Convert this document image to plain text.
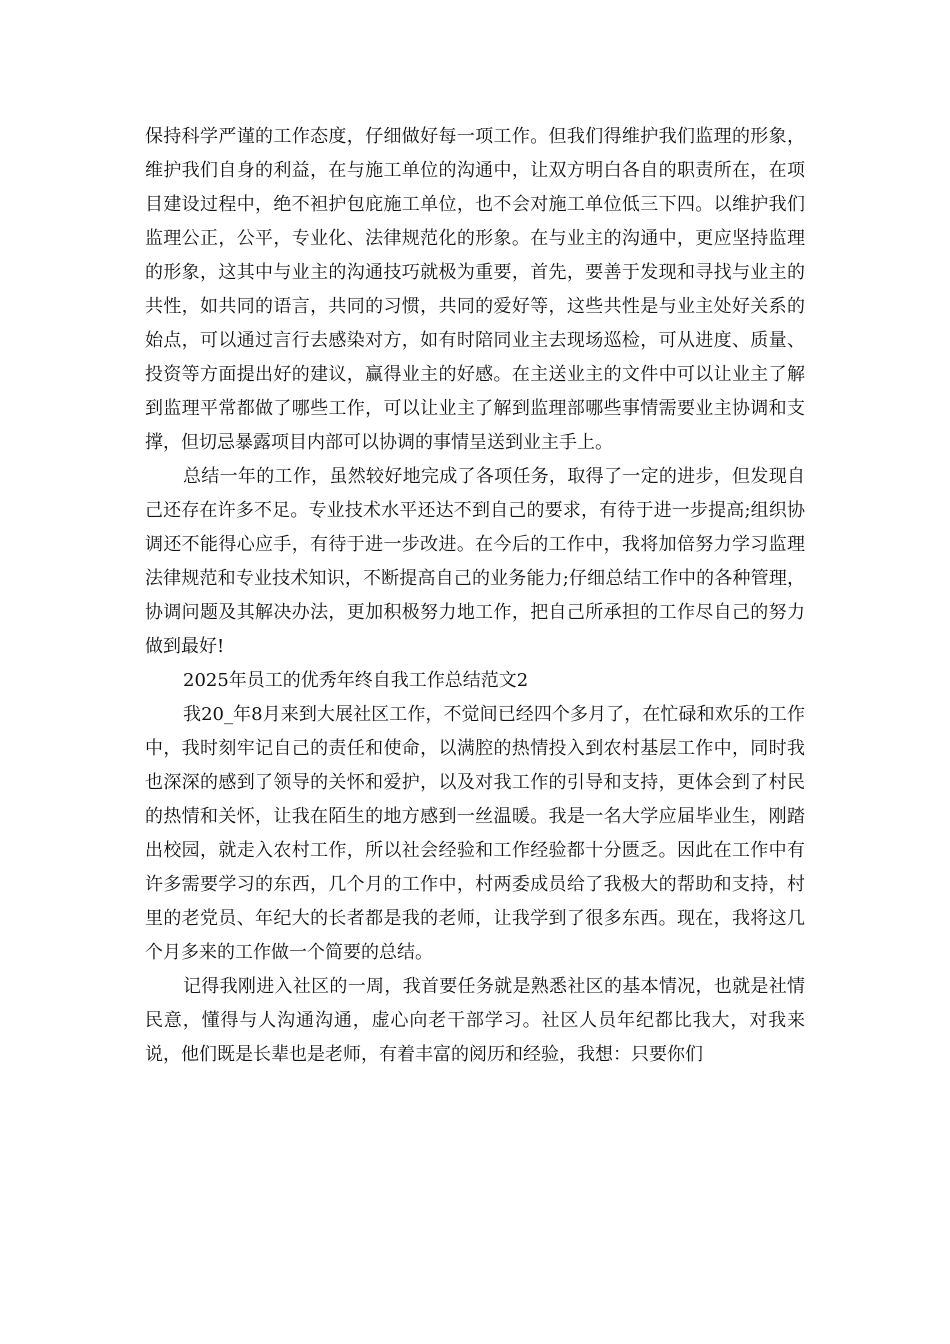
保持科学严谨的工作态度，仔细做好每一项工作。但我们得维护我们监理的形象，维护我们自身的利益，在与施工单位的沟通中，让双方明白各自的职责所在，在项目建设过程中，绝不袒护包庇施工单位，也不会对施工单位低三下四。以维护我们监理公正，公平，专业化、法律规范化的形象。在与业主的沟通中，更应坚持监理的形象，这其中与业主的沟通技巧就极为重要，首先，要善于发现和寻找与业主的共性，如共同的语言，共同的习惯，共同的爱好等，这些共性是与业主处好关系的始点，可以通过言行去感染对方，如有时陪同业主去现场巡检，可从进度、质量、投资等方面提出好的建议，赢得业主的好感。在主送业主的文件中可以让业主了解到监理平常都做了哪些工作，可以让业主了解到监理部哪些事情需要业主协调和支撑，但切忌暴露项目内部可以协调的事情呈送到业主手上。

总结一年的工作，虽然较好地完成了各项任务，取得了一定的进步，但发现自己还存在许多不足。专业技术水平还达不到自己的要求，有待于进一步提高;组织协调还不能得心应手，有待于进一步改进。在今后的工作中，我将加倍努力学习监理法律规范和专业技术知识，不断提高自己的业务能力;仔细总结工作中的各种管理，协调问题及其解决办法，更加积极努力地工作，把自己所承担的工作尽自己的努力做到最好!

2025年员工的优秀年终自我工作总结范文2

我20_年8月来到大展社区工作，不觉间已经四个多月了，在忙碌和欢乐的工作中，我时刻牢记自己的责任和使命，以满腔的热情投入到农村基层工作中，同时我也深深的感到了领导的关怀和爱护，以及对我工作的引导和支持，更体会到了村民的热情和关怀，让我在陌生的地方感到一丝温暖。我是一名大学应届毕业生，刚踏出校园，就走入农村工作，所以社会经验和工作经验都十分匮乏。因此在工作中有许多需要学习的东西，几个月的工作中，村两委成员给了我极大的帮助和支持，村里的老党员、年纪大的长者都是我的老师，让我学到了很多东西。现在，我将这几个月多来的工作做一个简要的总结。

记得我刚进入社区的一周，我首要任务就是熟悉社区的基本情况，也就是社情民意，懂得与人沟通沟通，虚心向老干部学习。社区人员年纪都比我大，对我来说，他们既是长辈也是老师，有着丰富的阅历和经验，我想：只要你们
